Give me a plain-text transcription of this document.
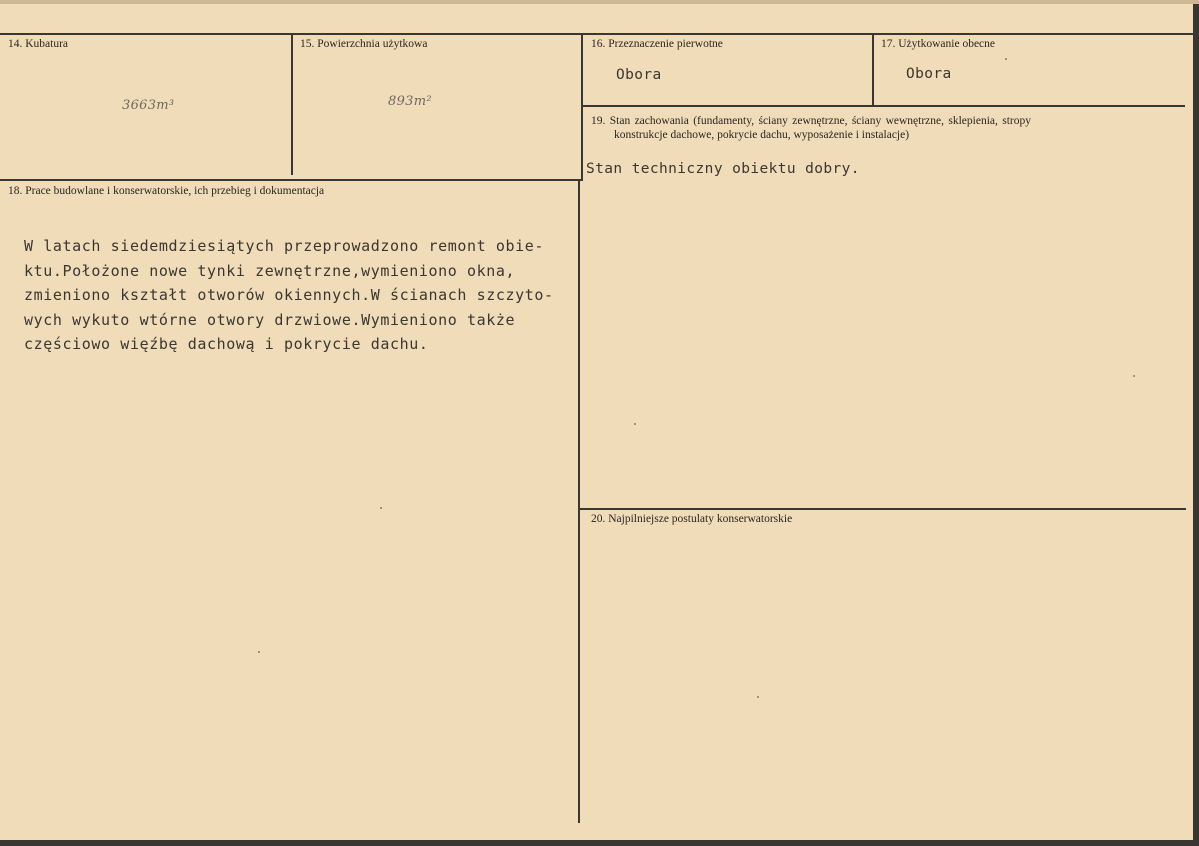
14. Kubatura
3663m³
15. Powierzchnia użytkowa
893m²
16. Przeznaczenie pierwotne
Obora
17. Użytkowanie obecne
Obora
19. Stan zachowania (fundamenty, ściany zewnętrzne, ściany wewnętrzne, sklepienia, stropy
konstrukcje dachowe, pokrycie dachu, wyposażenie i instalacje)
Stan techniczny obiektu dobry.
18. Prace budowlane i konserwatorskie, ich przebieg i dokumentacja
W latach siedemdziesiątych przeprowadzono remont obie-
ktu.Położone nowe tynki zewnętrzne,wymieniono okna,
zmieniono kształt otworów okiennych.W ścianach szczyto-
wych wykuto wtórne otwory drzwiowe.Wymieniono także
częściowo więźbę dachową i pokrycie dachu.
20. Najpilniejsze postulaty konserwatorskie
